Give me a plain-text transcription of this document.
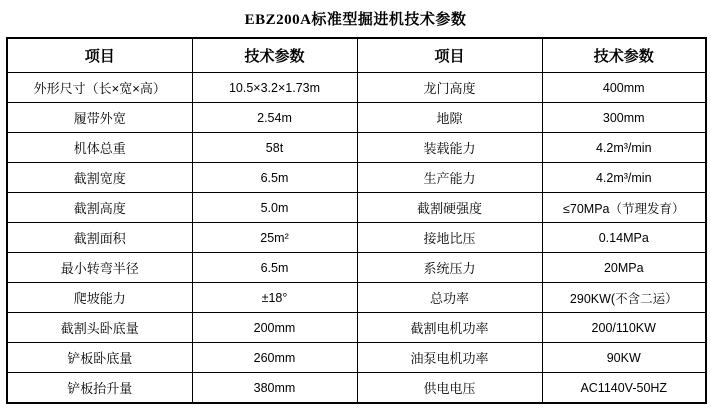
EBZ200A标准型掘进机技术参数
项目	技术参数	项目	技术参数
外形尺寸（长×宽×高）	10.5×3.2×1.73m	龙门高度	400mm
履带外宽	2.54m	地隙	300mm
机体总重	58t	装载能力	4.2m³/min
截割宽度	6.5m	生产能力	4.2m³/min
截割高度	5.0m	截割硬强度	≤70MPa（节理发育）
截割面积	25m²	接地比压	0.14MPa
最小转弯半径	6.5m	系统压力	20MPa
爬坡能力	±18°	总功率	290KW(不含二运）
截割头卧底量	200mm	截割电机功率	200/110KW
铲板卧底量	260mm	油泵电机功率	90KW
铲板抬升量	380mm	供电电压	AC1140V-50HZ
